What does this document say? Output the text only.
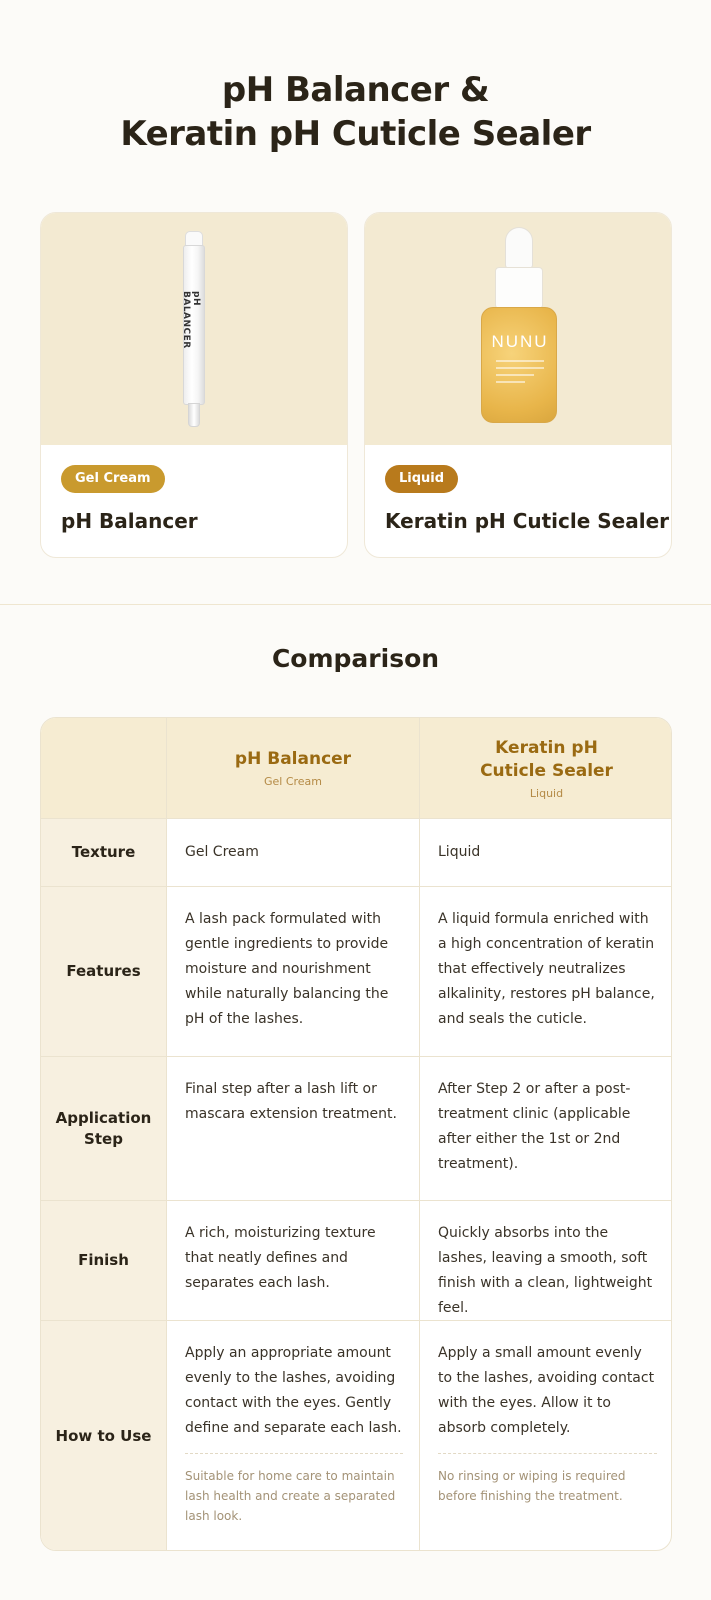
pH Balancer &
Keratin pH Cuticle Sealer
pH BALANCER
Gel Cream
pH Balancer
NUNU
Liquid
Keratin pH Cuticle Sealer
Comparison
pH Balancer
Gel Cream
Keratin pH
Cuticle Sealer
Liquid
Texture	Gel Cream	Liquid
Features
A lash pack formulated with gentle ingredients to provide moisture and nourishment while naturally balancing the pH of the lashes.
A liquid formula enriched with a high concentration of keratin that effectively neutralizes alkalinity, restores pH balance, and seals the cuticle.
Application Step
Final step after a lash lift or mascara extension treatment.
After Step 2 or after a post-treatment clinic (applicable after either the 1st or 2nd treatment).
Finish
A rich, moisturizing texture that neatly defines and separates each lash.
Quickly absorbs into the lashes, leaving a smooth, soft finish with a clean, lightweight feel.
How to Use
Apply an appropriate amount evenly to the lashes, avoiding contact with the eyes. Gently define and separate each lash.
Suitable for home care to maintain lash health and create a separated lash look.
Apply a small amount evenly to the lashes, avoiding contact with the eyes. Allow it to absorb completely.
No rinsing or wiping is required before finishing the treatment.
